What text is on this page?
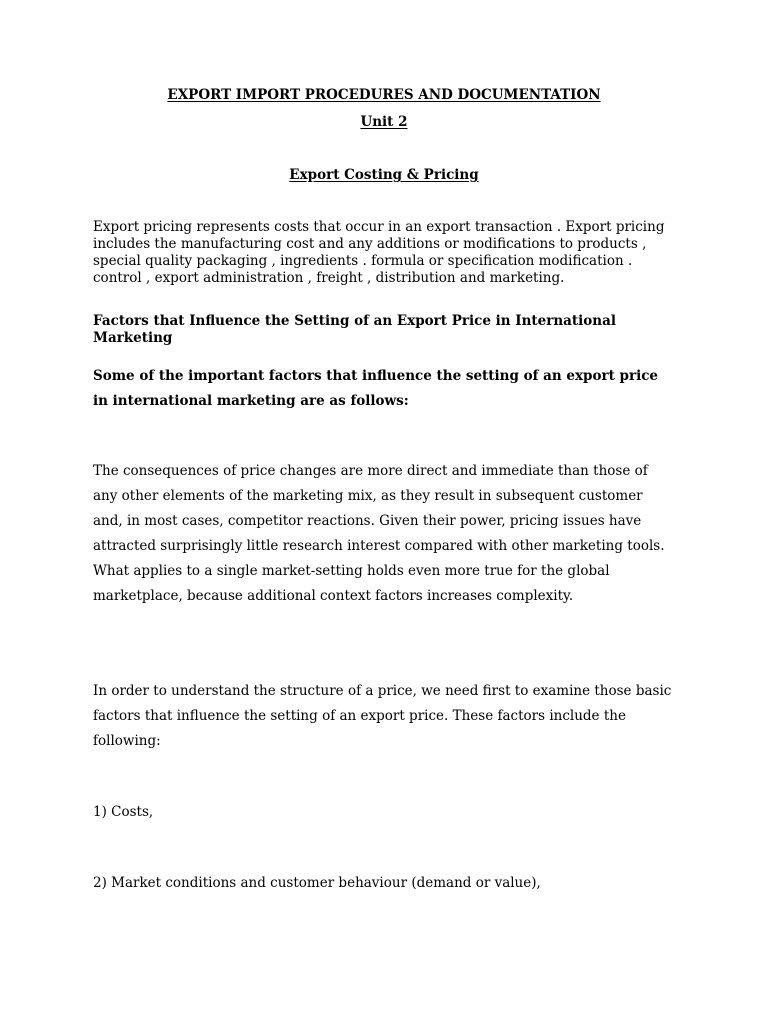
EXPORT IMPORT PROCEDURES AND DOCUMENTATION
Unit 2
Export Costing & Pricing

Export pricing represents costs that occur in an export transaction . Export pricing includes the manufacturing cost and any additions or modifications to products , special quality packaging , ingredients . formula or specification modification . control , export administration , freight , distribution and marketing.

Factors that Influence the Setting of an Export Price in International Marketing

Some of the important factors that influence the setting of an export price in international marketing are as follows:

The consequences of price changes are more direct and immediate than those of any other elements of the marketing mix, as they result in subsequent customer and, in most cases, competitor reactions. Given their power, pricing issues have attracted surprisingly little research interest compared with other marketing tools. What applies to a single market-setting holds even more true for the global marketplace, because additional context factors increases complexity.

In order to understand the structure of a price, we need first to examine those basic factors that influence the setting of an export price. These factors include the following:

1) Costs,

2) Market conditions and customer behaviour (demand or value),
